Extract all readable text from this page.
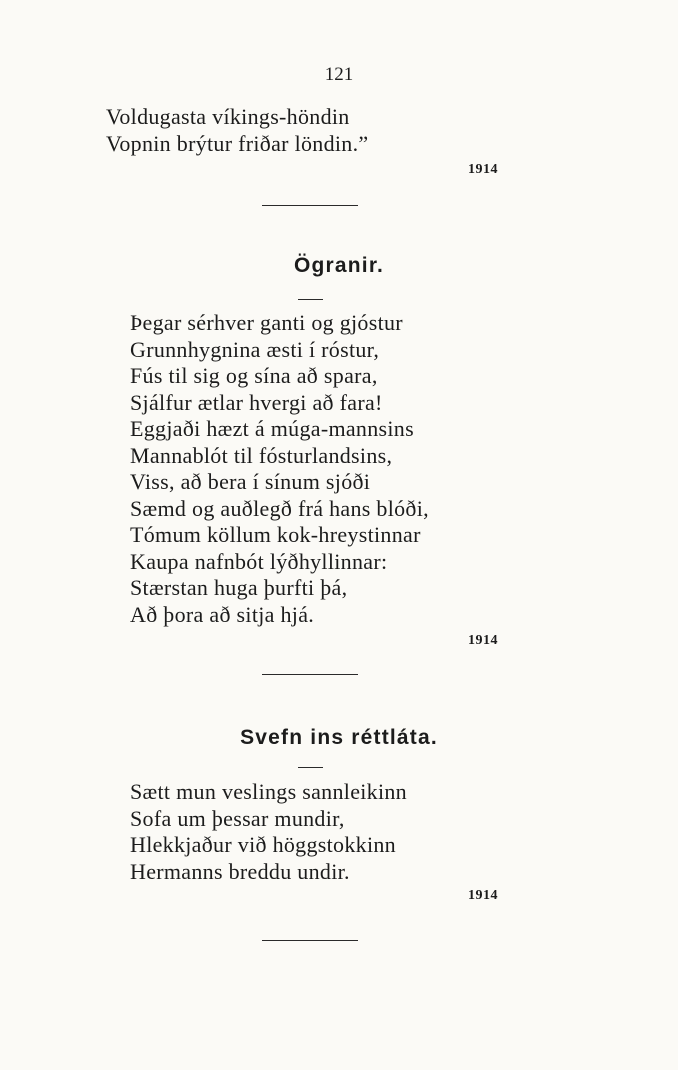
121
Voldugasta víkings-höndin
Vopnin brýtur friðar löndin.”
1914
Ögranir.
Þegar sérhver ganti og gjóstur
Grunnhygnina æsti í róstur,
Fús til sig og sína að spara,
Sjálfur ætlar hvergi að fara!
Eggjaði hæzt á múga-mannsins
Mannablót til fósturlandsins,
Viss, að bera í sínum sjóði
Sæmd og auðlegð frá hans blóði,
Tómum köllum kok-hreystinnar
Kaupa nafnbót lýðhyllinnar:
Stærstan huga þurfti þá,
Að þora að sitja hjá.
1914
Svefn ins réttláta.
Sætt mun veslings sannleikinn
Sofa um þessar mundir,
Hlekkjaður við höggstokkinn
Hermanns breddu undir.
1914
